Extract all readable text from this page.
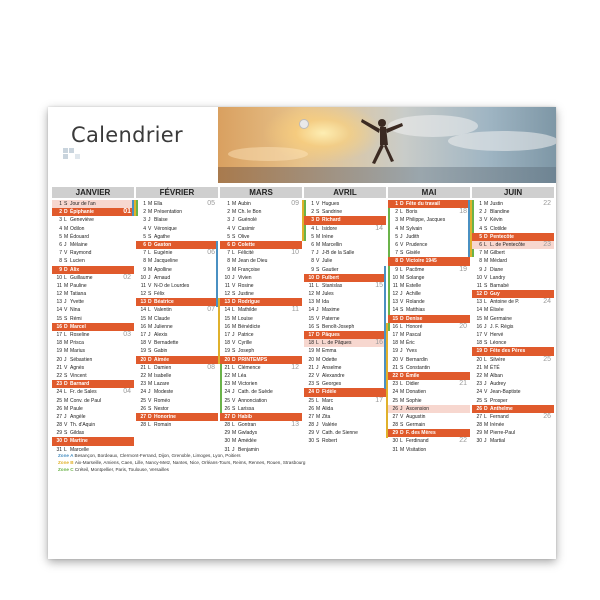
Calendrier
JANVIER
1 S Jour de l'an
2 D Épiphanie	01
3 L Geneviève
4 M Odilon
5 M Édouard
6 J Mélaine
7 V Raymond
8 S Lucien
9 D Alix
10 L Guillaume	02
11 M Pauline
12 M Tatiana
13 J Yvette
14 V Nina
15 S Rémi
16 D Marcel
17 L Roseline	03
18 M Prisca
19 M Marius
20 J Sébastien
21 V Agnès
22 S Vincent
23 D Barnard
24 L Fr. de Sales	04
25 M Conv. de Paul
26 M Paule
27 J Angèle
28 V Th. d'Aquin
29 S Gildas
30 D Martine
31 L Marcelle
FÉVRIER
1 M Ella	05
2 M Présentation
3 J Blaise
4 V Véronique
5 S Agathe
6 D Gaston
7 L Eugénie	06
8 M Jacqueline
9 M Apolline
10 J Arnaud
11 V N-D de Lourdes
12 S Félix
13 D Béatrice
14 L Valentin	07
15 M Claude
16 M Julienne
17 J Alexis
18 V Bernadette
19 S Gabin
20 D Aimée
21 L Damien	08
22 M Isabelle
23 M Lazare
24 J Modeste
25 V Roméo
26 S Nestor
27 D Honorine
28 L Romain
MARS
1 M Aubin	09
2 M Ch. le Bon
3 J Guénolé
4 V Casimir
5 S Olive
6 D Colette
7 L Félicité	10
8 M Jean de Dieu
9 M Françoise
10 J Vivien
11 V Rosine
12 S Justine
13 D Rodrigue
14 L Mathilde	11
15 M Louise
16 M Bénédicte
17 J Patrice
18 V Cyrille
19 S Joseph
20 D PRINTEMPS
21 L Clémence	12
22 M Léa
23 M Victorien
24 J Cath. de Suède
25 V Annonciation
26 S Larissa
27 D Habib
28 L Gontran	13
29 M Gwladys
30 M Amédée
31 J Benjamin
AVRIL
1 V Hugues
2 S Sandrine
3 D Richard
4 L Isidore	14
5 M Irène
6 M Marcellin
7 J J-B de la Salle
8 V Julie
9 S Gautier
10 D Fulbert
11 L Stanislas	15
12 M Jules
13 M Ida
14 J Maxime
15 V Paterne
16 S Benoît-Joseph
17 D Pâques
18 L L. de Pâques	16
19 M Emma
20 M Odette
21 J Anselme
22 V Alexandre
23 S Georges
24 D Fidèle
25 L Marc	17
26 M Alida
27 M Zita
28 J Valérie
29 V Cath. de Sienne
30 S Robert
MAI
1 D Fête du travail
2 L Boris	18
3 M Philippe, Jacques
4 M Sylvain
5 J Judith
6 V Prudence
7 S Gisèle
8 D Victoire 1945
9 L Pacôme	19
10 M Solange
11 M Estelle
12 J Achille
13 V Rolande
14 S Matthias
15 D Denise
16 L Honoré	20
17 M Pascal
18 M Éric
19 J Yves
20 V Bernardin
21 S Constantin
22 D Émile
23 L Didier	21
24 M Donatien
25 M Sophie
26 J Ascension
27 V Augustin
28 S Germain
29 D F. des Mères
30 L Ferdinand	22
31 M Visitation
JUIN
1 M Justin	22
2 J Blandine
3 V Kévin
4 S Clotilde
5 D Pentecôte
6 L L. de Pentecôte	23
7 M Gilbert
8 M Médard
9 J Diane
10 V Landry
11 S Barnabé
12 D Guy
13 L Antoine de P.	24
14 M Élisée
15 M Germaine
16 J J. F. Régis
17 V Hervé
18 S Léonce
19 D Fête des Pères
20 L Silvère	25
21 M ÉTÉ
22 M Alban
23 J Audrey
24 V Jean-Baptiste
25 S Prosper
26 D Anthelme
27 L Fernand	26
28 M Irénée
29 M Pierre-Paul
30 J Martial
Zone A Besançon, Bordeaux, Clermont-Ferrand, Dijon, Grenoble, Limoges, Lyon, Poitiers
Zone B Aix-Marseille, Amiens, Caen, Lille, Nancy-Metz, Nantes, Nice, Orléans-Tours, Reims, Rennes, Rouen, Strasbourg
Zone C Créteil, Montpellier, Paris, Toulouse, Versailles
